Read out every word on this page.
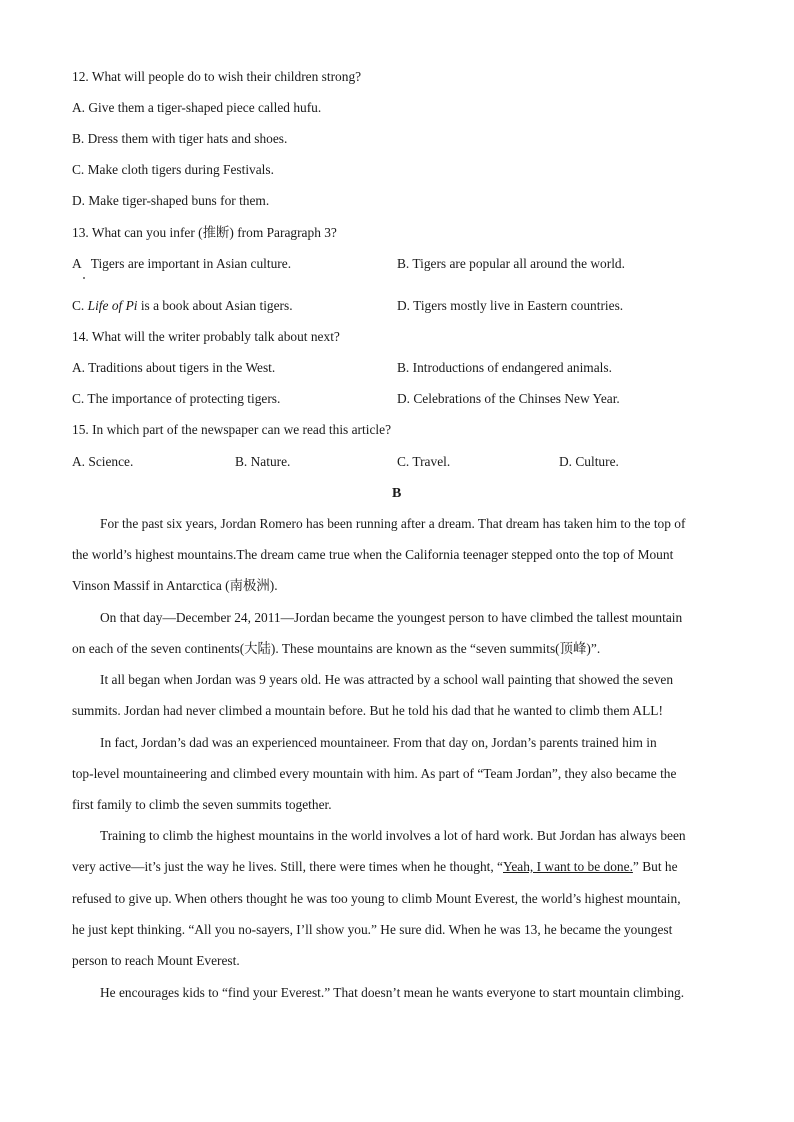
12. What will people do to wish their children strong?
A. Give them a tiger-shaped piece called hufu.
B. Dress them with tiger hats and shoes.
C. Make cloth tigers during Festivals.
D. Make tiger-shaped buns for them.
13. What can you infer (推断) from Paragraph 3?
A   Tigers are important in Asian culture.	B. Tigers are popular all around the world.
C. Life of Pi is a book about Asian tigers.	D. Tigers mostly live in Eastern countries.
14. What will the writer probably talk about next?
A. Traditions about tigers in the West.	B. Introductions of endangered animals.
C. The importance of protecting tigers.	D. Celebrations of the Chinses New Year.
15. In which part of the newspaper can we read this article?
A. Science.	B. Nature.	C. Travel.	D. Culture.
B
For the past six years, Jordan Romero has been running after a dream. That dream has taken him to the top of
the world’s highest mountains.The dream came true when the California teenager stepped onto the top of Mount
Vinson Massif in Antarctica (南极洲).
On that day—December 24, 2011—Jordan became the youngest person to have climbed the tallest mountain
on each of the seven continents(大陆). These mountains are known as the “seven summits(顶峰)”.
It all began when Jordan was 9 years old. He was attracted by a school wall painting that showed the seven
summits. Jordan had never climbed a mountain before. But he told his dad that he wanted to climb them ALL!
In fact, Jordan’s dad was an experienced mountaineer. From that day on, Jordan’s parents trained him in
top-level mountaineering and climbed every mountain with him. As part of “Team Jordan”, they also became the
first family to climb the seven summits together.
Training to climb the highest mountains in the world involves a lot of hard work. But Jordan has always been
very active—it’s just the way he lives. Still, there were times when he thought, “Yeah, I want to be done.” But he
refused to give up. When others thought he was too young to climb Mount Everest, the world’s highest mountain,
he just kept thinking. “All you no-sayers, I’ll show you.” He sure did. When he was 13, he became the youngest
person to reach Mount Everest.
He encourages kids to “find your Everest.” That doesn’t mean he wants everyone to start mountain climbing.
